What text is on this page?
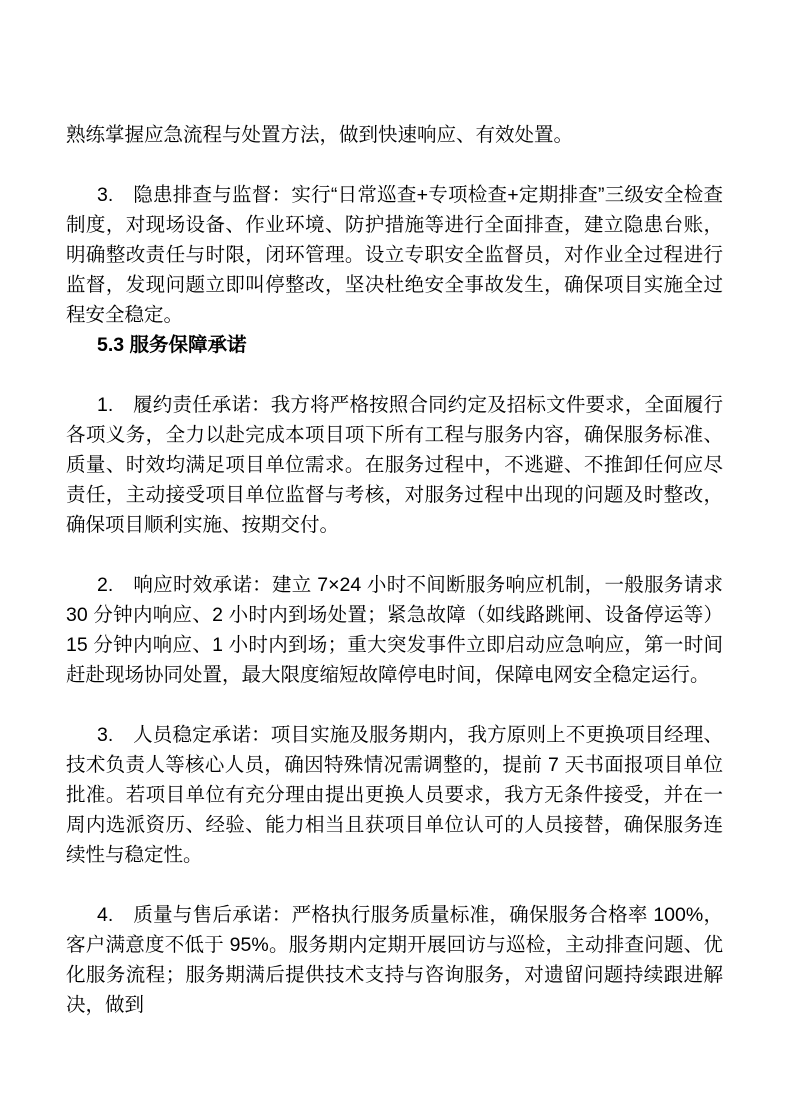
熟练掌握应急流程与处置方法，做到快速响应、有效处置。

3.　隐患排查与监督：实行“日常巡查+专项检查+定期排查”三级安全检查制度，对现场设备、作业环境、防护措施等进行全面排查，建立隐患台账，明确整改责任与时限，闭环管理。设立专职安全监督员，对作业全过程进行监督，发现问题立即叫停整改，坚决杜绝安全事故发生，确保项目实施全过程安全稳定。

5.3 服务保障承诺

1.　履约责任承诺：我方将严格按照合同约定及招标文件要求，全面履行各项义务，全力以赴完成本项目项下所有工程与服务内容，确保服务标准、质量、时效均满足项目单位需求。在服务过程中，不逃避、不推卸任何应尽责任，主动接受项目单位监督与考核，对服务过程中出现的问题及时整改，确保项目顺利实施、按期交付。

2.　响应时效承诺：建立 7×24 小时不间断服务响应机制，一般服务请求 30 分钟内响应、2 小时内到场处置；紧急故障（如线路跳闸、设备停运等）15 分钟内响应、1 小时内到场；重大突发事件立即启动应急响应，第一时间赶赴现场协同处置，最大限度缩短故障停电时间，保障电网安全稳定运行。

3.　人员稳定承诺：项目实施及服务期内，我方原则上不更换项目经理、技术负责人等核心人员，确因特殊情况需调整的，提前 7 天书面报项目单位批准。若项目单位有充分理由提出更换人员要求，我方无条件接受，并在一周内选派资历、经验、能力相当且获项目单位认可的人员接替，确保服务连续性与稳定性。

4.　质量与售后承诺：严格执行服务质量标准，确保服务合格率 100%，客户满意度不低于 95%。服务期内定期开展回访与巡检，主动排查问题、优化服务流程；服务期满后提供技术支持与咨询服务，对遗留问题持续跟进解决，做到
